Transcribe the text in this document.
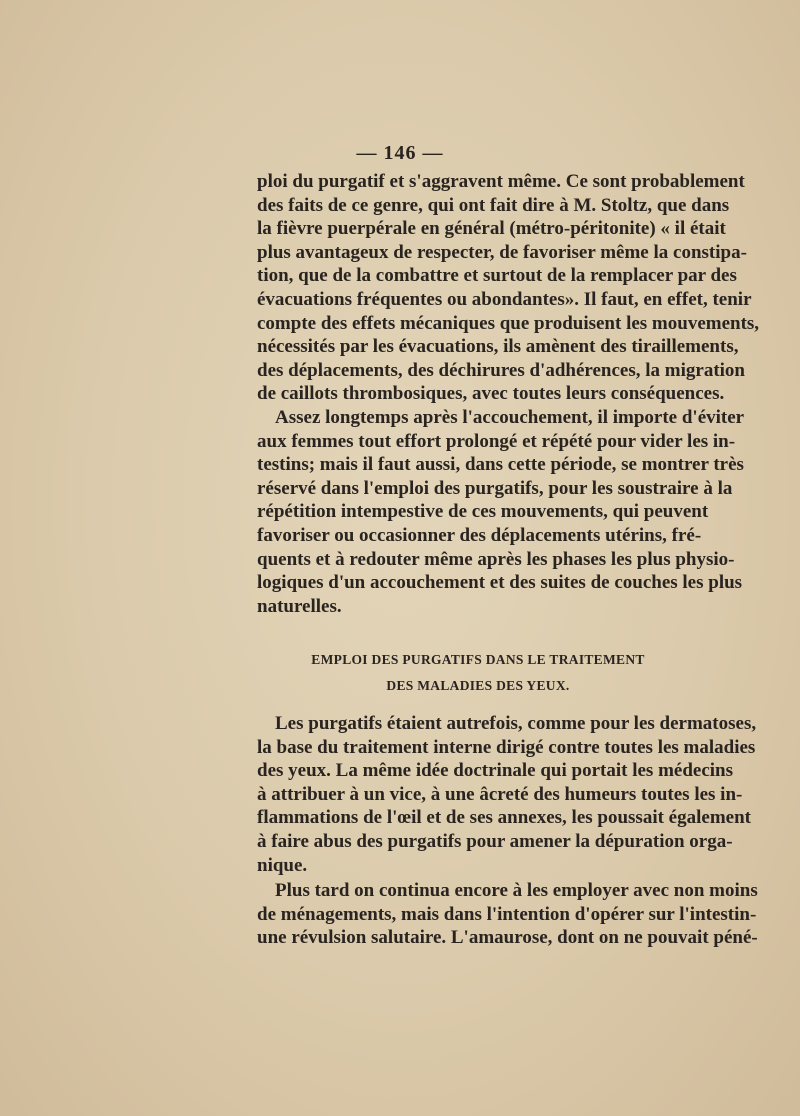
— 146 —
ploi du purgatif et s'aggravent même. Ce sont probablement
des faits de ce genre, qui ont fait dire à M. Stoltz, que dans
la fièvre puerpérale en général (métro-péritonite) « il était
plus avantageux de respecter, de favoriser même la constipa-
tion, que de la combattre et surtout de la remplacer par des
évacuations fréquentes ou abondantes». Il faut, en effet, tenir
compte des effets mécaniques que produisent les mouvements,
nécessités par les évacuations, ils amènent des tiraillements,
des déplacements, des déchirures d'adhérences, la migration
de caillots thrombosiques, avec toutes leurs conséquences.
Assez longtemps après l'accouchement, il importe d'éviter
aux femmes tout effort prolongé et répété pour vider les in-
testins; mais il faut aussi, dans cette période, se montrer très
réservé dans l'emploi des purgatifs, pour les soustraire à la
répétition intempestive de ces mouvements, qui peuvent
favoriser ou occasionner des déplacements utérins, fré-
quents et à redouter même après les phases les plus physio-
logiques d'un accouchement et des suites de couches les plus
naturelles.
EMPLOI DES PURGATIFS DANS LE TRAITEMENT
DES MALADIES DES YEUX.
Les purgatifs étaient autrefois, comme pour les dermatoses,
la base du traitement interne dirigé contre toutes les maladies
des yeux. La même idée doctrinale qui portait les médecins
à attribuer à un vice, à une âcreté des humeurs toutes les in-
flammations de l'œil et de ses annexes, les poussait également
à faire abus des purgatifs pour amener la dépuration orga-
nique.
Plus tard on continua encore à les employer avec non moins
de ménagements, mais dans l'intention d'opérer sur l'intestin-
une révulsion salutaire. L'amaurose, dont on ne pouvait péné-
